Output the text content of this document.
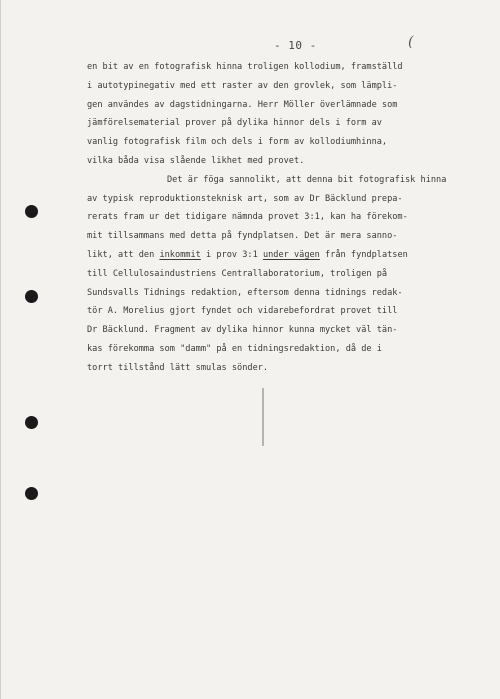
- 10 -	(
en bit av en fotografisk hinna troligen kollodium, framställd
i autotypinegativ med ett raster av den grovlek, som lämpli-
gen användes av dagstidningarna. Herr Möller överlämnade som
jämförelsematerial prover på dylika hinnor dels i form av
vanlig fotografisk film och dels i form av kollodiumhinna,
vilka båda visa slående likhet med provet.
Det är föga sannolikt, att denna bit fotografisk hinna
av typisk reproduktionsteknisk art, som av Dr Bäcklund prepa-
rerats fram ur det tidigare nämnda provet 3:1, kan ha förekom-
mit tillsammans med detta på fyndplatsen. Det är mera sanno-
likt, att den inkommit i prov 3:1 under vägen från fyndplatsen
till Cellulosaindustriens Centrallaboratorium, troligen på
Sundsvalls Tidnings redaktion, eftersom denna tidnings redak-
tör A. Morelius gjort fyndet och vidarebefordrat provet till
Dr Bäcklund. Fragment av dylika hinnor kunna mycket väl tän-
kas förekomma som "damm" på en tidningsredaktion, då de i
torrt tillstånd lätt smulas sönder.
